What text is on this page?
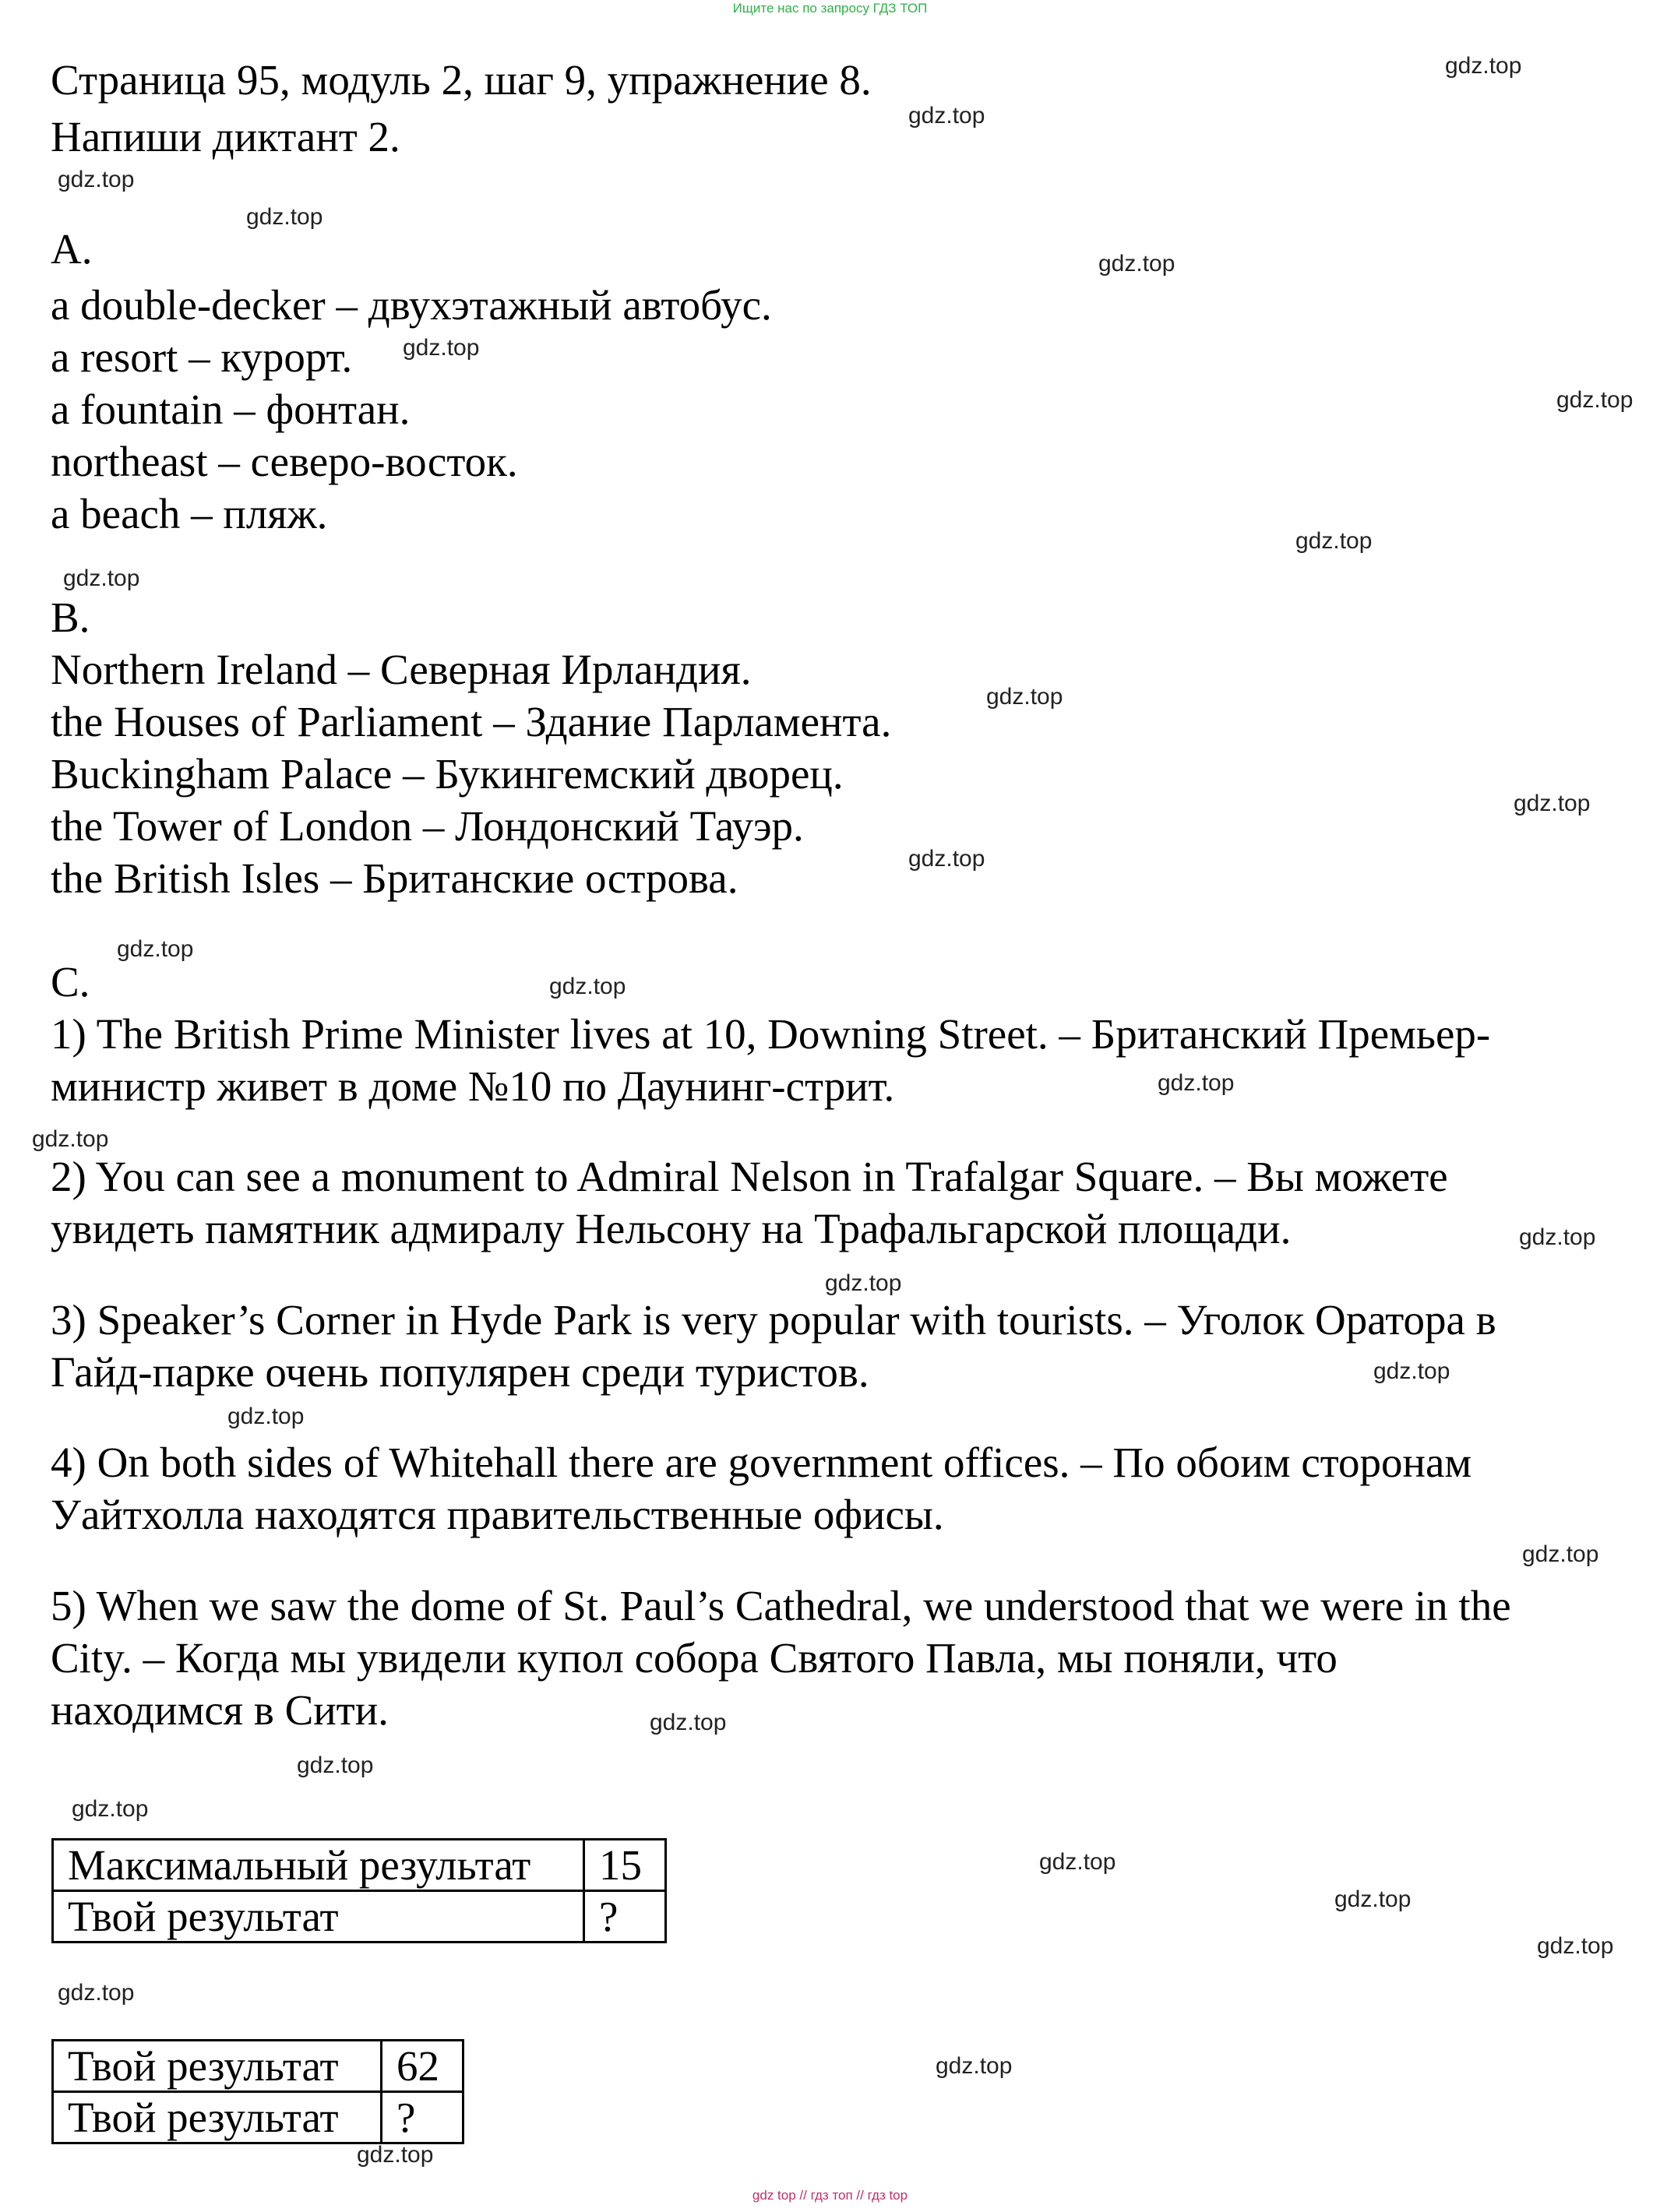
Ищите нас по запросу ГДЗ ТОП
Страница 95, модуль 2, шаг 9, упражнение 8.
Напиши диктант 2.
A.
a double-decker – двухэтажный автобус.
a resort – курорт.
a fountain – фонтан.
northeast – северо-восток.
a beach – пляж.
B.
Northern Ireland – Северная Ирландия.
the Houses of Parliament – Здание Парламента.
Buckingham Palace – Букингемский дворец.
the Tower of London – Лондонский Тауэр.
the British Isles – Британские острова.
C.
1) The British Prime Minister lives at 10, Downing Street. – Британский Премьер-
министр живет в доме №10 по Даунинг-стрит.
2) You can see a monument to Admiral Nelson in Trafalgar Square. – Вы можете
увидеть памятник адмиралу Нельсону на Трафальгарской площади.
3) Speaker’s Corner in Hyde Park is very popular with tourists. – Уголок Оратора в
Гайд-парке очень популярен среди туристов.
4) On both sides of Whitehall there are government offices. – По обоим сторонам
Уайтхолла находятся правительственные офисы.
5) When we saw the dome of St. Paul’s Cathedral, we understood that we were in the
City. – Когда мы увидели купол собора Святого Павла, мы поняли, что
находимся в Сити.
Максимальный результат	15
Твой результат	?
Твой результат	62
Твой результат	?
gdz.top
gdz.top
gdz.top
gdz.top
gdz.top
gdz.top
gdz.top
gdz.top
gdz.top
gdz.top
gdz.top
gdz.top
gdz.top
gdz.top
gdz.top
gdz.top
gdz.top
gdz.top
gdz.top
gdz.top
gdz.top
gdz.top
gdz.top
gdz.top
gdz.top
gdz.top
gdz.top
gdz.top
gdz.top
gdz.top
gdz top // гдз топ // гдз top
